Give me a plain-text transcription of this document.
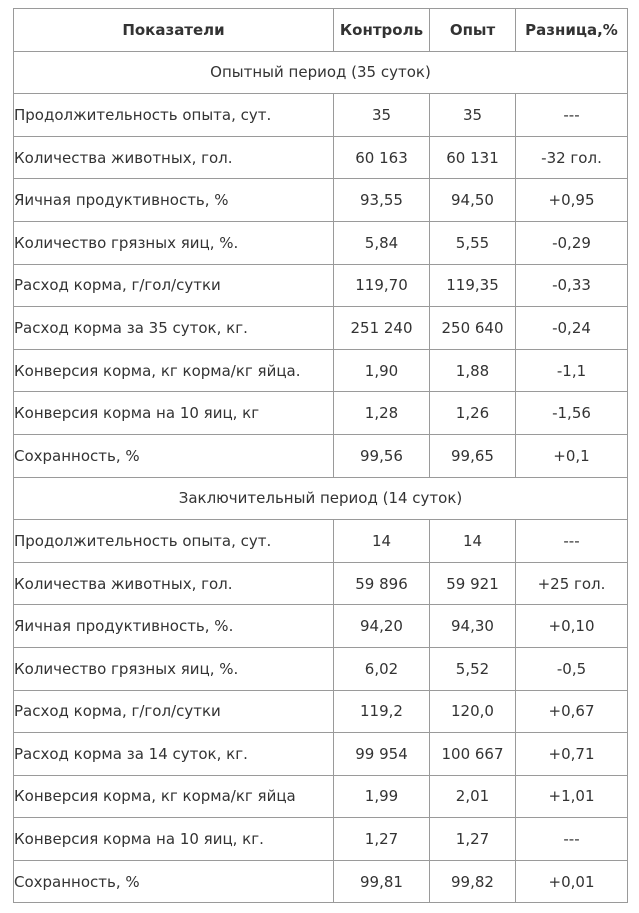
Показатели	Контроль	Опыт	Разница,%
Опытный период (35 суток)			
Продолжительность опыта, сут.	35	35	---
Количества животных, гол.	60 163	60 131	-32 гол.
Яичная продуктивность, %	93,55	94,50	+0,95
Количество грязных яиц, %.	5,84	5,55	-0,29
Расход корма, г/гол/сутки	119,70	119,35	-0,33
Расход корма за 35 суток, кг.	251 240	250 640	-0,24
Конверсия корма, кг корма/кг яйца.	1,90	1,88	-1,1
Конверсия корма на 10 яиц, кг	1,28	1,26	-1,56
Сохранность, %	99,56	99,65	+0,1
Заключительный период (14 суток)			
Продолжительность опыта, сут.	14	14	---
Количества животных, гол.	59 896	59 921	+25 гол.
Яичная продуктивность, %.	94,20	94,30	+0,10
Количество грязных яиц, %.	6,02	5,52	-0,5
Расход корма, г/гол/сутки	119,2	120,0	+0,67
Расход корма за 14 суток, кг.	99 954	100 667	+0,71
Конверсия корма, кг корма/кг яйца	1,99	2,01	+1,01
Конверсия корма на 10 яиц, кг.	1,27	1,27	---
Сохранность, %	99,81	99,82	+0,01
